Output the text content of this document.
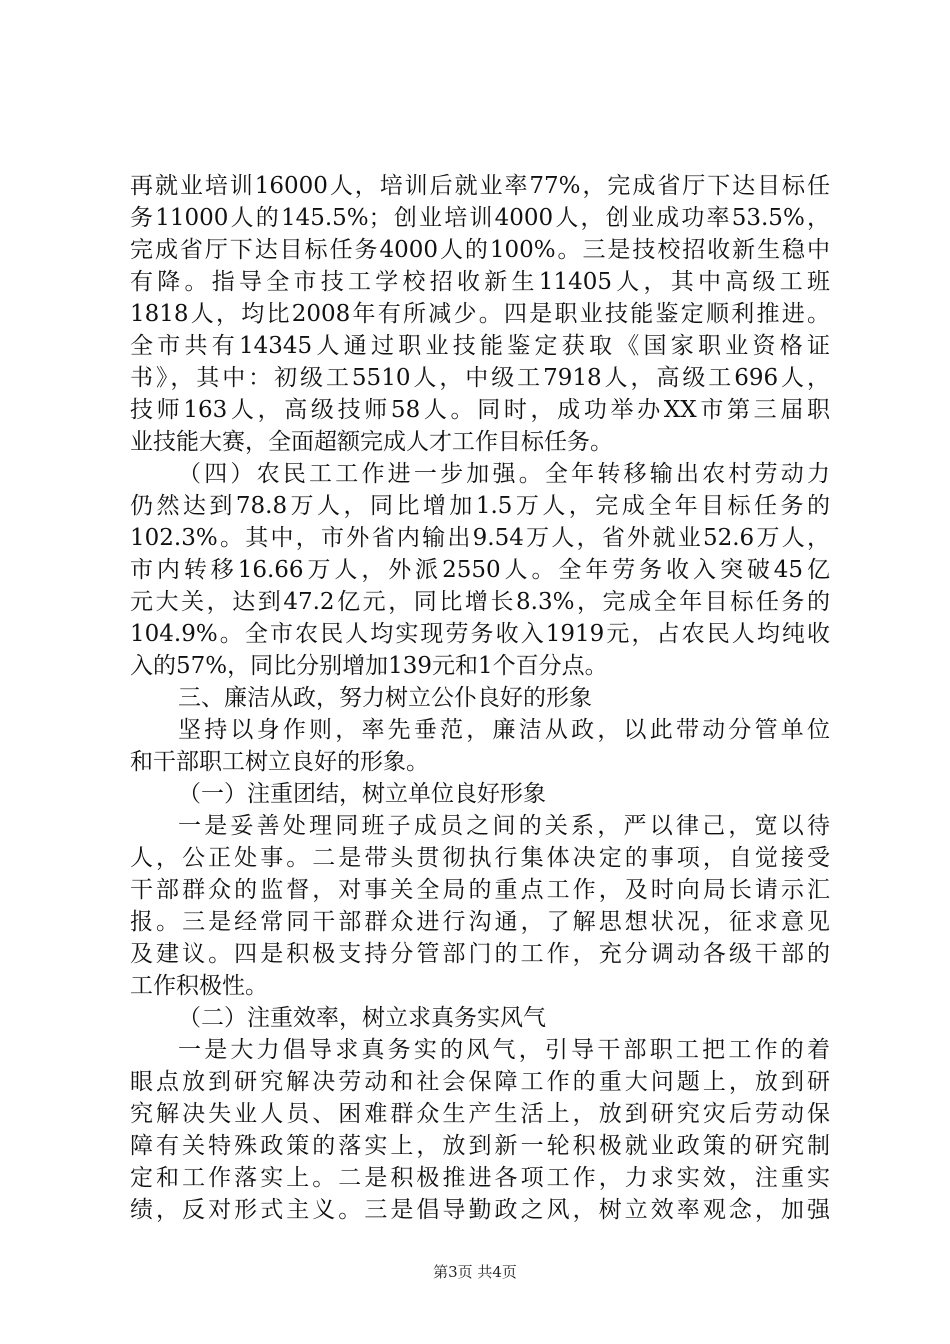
再就业培训16000人，培训后就业率77%，完成省厅下达目标任
务11000人的145.5%；创业培训4000人，创业成功率53.5%，
完成省厅下达目标任务4000人的100%。三是技校招收新生稳中
有降。指导全市技工学校招收新生11405人，其中高级工班
1818人，均比2008年有所减少。四是职业技能鉴定顺利推进。
全市共有14345人通过职业技能鉴定获取《国家职业资格证
书》，其中：初级工5510人，中级工7918人，高级工696人，
技师163人，高级技师58人。同时，成功举办XX市第三届职
业技能大赛，全面超额完成人才工作目标任务。
（四）农民工工作进一步加强。全年转移输出农村劳动力
仍然达到78.8万人，同比增加1.5万人，完成全年目标任务的
102.3%。其中，市外省内输出9.54万人，省外就业52.6万人，
市内转移16.66万人，外派2550人。全年劳务收入突破45亿
元大关，达到47.2亿元，同比增长8.3%，完成全年目标任务的
104.9%。全市农民人均实现劳务收入1919元，占农民人均纯收
入的57%，同比分别增加139元和1个百分点。
三、廉洁从政，努力树立公仆良好的形象
坚持以身作则，率先垂范，廉洁从政，以此带动分管单位
和干部职工树立良好的形象。
（一）注重团结，树立单位良好形象
一是妥善处理同班子成员之间的关系，严以律己，宽以待
人，公正处事。二是带头贯彻执行集体决定的事项，自觉接受
干部群众的监督，对事关全局的重点工作，及时向局长请示汇
报。三是经常同干部群众进行沟通，了解思想状况，征求意见
及建议。四是积极支持分管部门的工作，充分调动各级干部的
工作积极性。
（二）注重效率，树立求真务实风气
一是大力倡导求真务实的风气，引导干部职工把工作的着
眼点放到研究解决劳动和社会保障工作的重大问题上，放到研
究解决失业人员、困难群众生产生活上，放到研究灾后劳动保
障有关特殊政策的落实上，放到新一轮积极就业政策的研究制
定和工作落实上。二是积极推进各项工作，力求实效，注重实
绩，反对形式主义。三是倡导勤政之风，树立效率观念，加强
第3页 共4页
